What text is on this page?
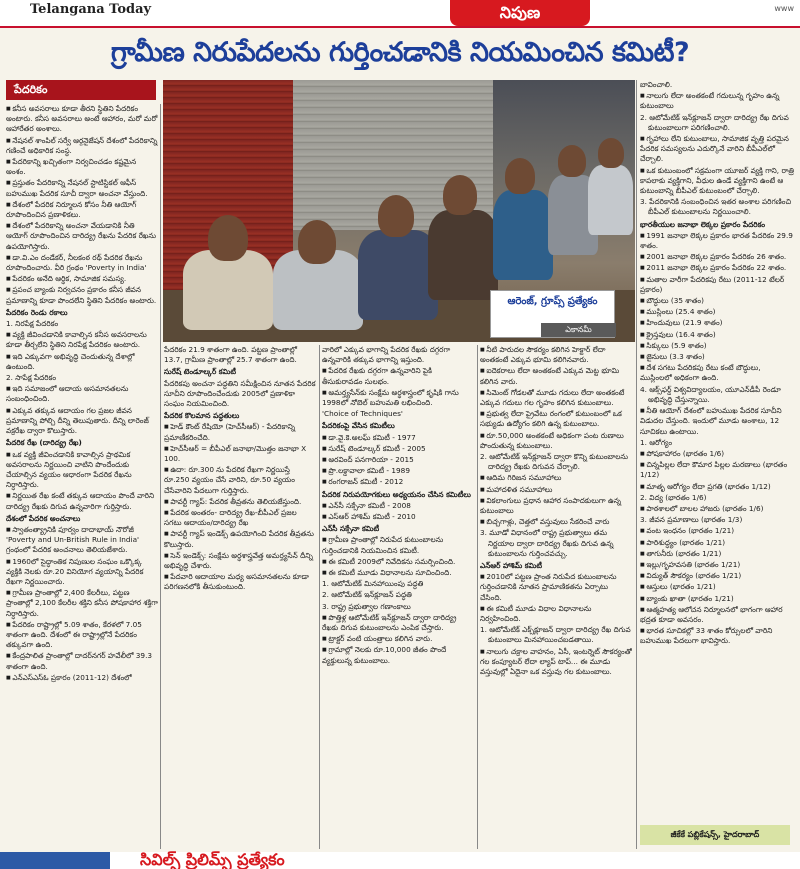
Telangana Today	నిపుణ	www
గ్రామీణ నిరుపేదలను గుర్తించడానికి నియమించిన కమిటీ?
పేదరికం
ఆరెంజ్, గ్రూప్స్ ప్రత్యేకం
ఎకానమీ

■ కనీస అవసరాలు కూడా తీరని స్థితిని పేదరికం అంటారు. కనీస అవసరాలు అంటే ఆహారం, మరో మరో ఆహారేతర అంశాలు.

■ నేషనల్ శాంపిల్ సర్వే ఆర్గనైజేషన్ దేశంలో పేదరికాన్ని గణించే అధికారిక సంస్థ.

■ పేదరికాన్ని ఖచ్చితంగా నిర్వచించడం కష్టమైన అంశం.

■ ప్రస్తుతం పేదరికాన్ని నేషనల్ స్టాటిస్టికల్ ఆఫీస్ బహుముఖ పేదరిక సూచీ ద్వారా అంచనా వేస్తుంది.

■ దేశంలో పేదరిక నిర్మూలన కోసం నీతి ఆయోగ్ రూపొందించిన ప్రణాళికలు.

■ దేశంలో పేదరికాన్ని అంచనా వేయడానికి నీతి ఆయోగ్ రూపొందించిన దారిద్య్ర రేఖను పేదరిక రేఖను ఉపయోగిస్తారు.

■ డా.వి.ఎం దండేకర్, నీలకంఠ రథ్ పేదరిక రేఖను రూపొందించారు. వీరి గ్రంథం 'Poverty in India'

■ పేదరికం అనేది ఆర్థిక, సామాజిక సమస్య.

■ ప్రపంచ బ్యాంకు నిర్వచనం ప్రకారం కనీస జీవన ప్రమాణాన్ని కూడా పొందలేని స్థితిని పేదరికం అంటారు.

పేదరికం రెండు రకాలు

1. నిరపేక్ష పేదరికం

■ వ్యక్తి జీవించడానికి కావాల్సిన కనీస అవసరాలను కూడా తీర్చలేని స్థితిని నిరపేక్ష పేదరికం అంటారు.

■ ఇది ఎక్కువగా అభివృద్ధి చెందుతున్న దేశాల్లో ఉంటుంది.

2. సాపేక్ష పేదరికం

■ ఇది సమాజంలో ఆదాయ అసమానతలను సంబంధించింది.

■ ఎక్కువ తక్కువ ఆదాయం గల ప్రజల జీవన ప్రమాణాన్ని పోల్చి దీన్ని తెలుపుతారు. దీన్ని లారెంజ్ వక్రరేఖ ద్వారా కొలుస్తారు.

పేదరిక రేఖ (దారిద్య్ర రేఖ)

■ ఒక వ్యక్తి జీవించడానికి కావాల్సిన ప్రాథమిక అవసరాలను నిర్ణయించి వాటిని పొందేందుకు చేయాల్సిన వ్యయం ఆధారంగా పేదరిక రేఖను నిర్ధారిస్తారు.

■ నిర్ణయిత రేఖ కంటే తక్కువ ఆదాయం పొందే వారిని దారిద్య్ర రేఖకు దిగువ ఉన్నవారిగా గుర్తిస్తారు.

దేశంలో పేదరిక అంచనాలు

■ స్వాతంత్య్రానికి పూర్వం దాదాభాయ్ నౌరోజీ 'Poverty and Un-British Rule in India' గ్రంథంలో పేదరిక అంచనాలు తెలియజేశారు.

■ 1960లో సైద్ధాంతిక నిపుణుల సంఘం ఒక్కొక్క వ్యక్తికి నెలకు రూ.20 వినియోగ వ్యయాన్ని పేదరిక రేఖగా నిర్ణయించారు.

■ గ్రామీణ ప్రాంతాల్లో 2,400 కేలరీలు, పట్టణ ప్రాంతాల్లో 2,100 కేలరీల శక్తిని కనీస పోషకాహార శక్తిగా నిర్ధారిస్తారు.

■ పేదరికం రాష్ట్రాల్లో 5.09 శాతం, కేరళలో 7.05 శాతంగా ఉంది. దేశంలో ఈ రాష్ట్రాల్లోనే పేదరికం తక్కువగా ఉంది.

■ కేంద్రపాలిత ప్రాంతాల్లో దాదర్‌నగర్ హవేలీలో 39.3 శాతంగా ఉంది.

■ ఎన్‌ఎస్‌ఎస్‌ఓ ప్రకారం (2011-12) దేశంలో

పేదరికం 21.9 శాతంగా ఉంది. పట్టణ ప్రాంతాల్లో 13.7, గ్రామీణ ప్రాంతాల్లో 25.7 శాతంగా ఉంది.

సురేష్ టెండూల్కర్ కమిటీ

పేదరికపు అంచనా పద్ధతిని సమీక్షించిన నూతన పేదరిక సూచీని రూపొందించేందుకు 2005లో ప్రణాళికా సంఘం నియమించింది.

పేదరిక కొలమాన పద్ధతులు

■ హెడ్ కౌంట్ రేషియో (హెచ్‌సీఆర్) - పేదరికాన్ని ప్రమాణీకరించేది.

■ హెచ్‌సీఆర్ = బీపీఎల్ జనాభా/మొత్తం జనాభా X 100.

■ ఉదా: రూ.300 ను పేదరిక రేఖగా నిర్ణయిస్తే రూ.250 వ్యయం చేసే వారిని, రూ.50 వ్యయం చేసేవారిని పేదలుగా గుర్తిస్తారు.

■ పావర్టీ గ్యాప్: పేదరిక తీవ్రతను తెలియజేస్తుంది.

■ పేదరిక అంతరం- దారిద్య్ర రేఖ-బీపీఎల్ ప్రజల సగటు ఆదాయం/దారిద్య్ర రేఖ

■ పావర్టీ గ్యాప్ ఇండెక్స్ ఉపయోగించి పేదరిక తీవ్రతను కొలుస్తారు.

■ సెన్ ఇండెక్స్: సంక్షేమ అర్థశాస్త్రవేత్త అమర్త్యసేన్ దీన్ని అభివృద్ధి చేశారు.

■ పేదవారి ఆదాయాల మధ్య అసమానతలను కూడా పరిగణనలోకి తీసుకుంటుంది.

వారిలో ఎక్కువ భాగాన్ని పేదరిక రేఖకు దగ్గరగా ఉన్నవారికి తక్కువ భాగాన్ని ఇస్తుంది.

■ పేదరిక రేఖకు దగ్గరగా ఉన్నవారిని పైకి తీసుకురావడం సులభం.

■ అమర్త్యసేన్‌కు సంక్షేమ అర్థశాస్త్రంలో కృషికి గాను 1998లో నోబెల్ బహుమతి లభించింది.

'Choice of Techniques'

పేదరికంపై వేసిన కమిటీలు

■ డా.వై.కె.అలఘ్ కమిటీ - 1977

■ సురేష్ టెండూల్కర్ కమిటీ - 2005

■ అరవింద్ పనగారియా - 2015

■ ప్రొ.లక్డావాలా కమిటీ - 1989

■ రంగరాజన్ కమిటీ - 2012

పేదరిక నిరుపయోగకులు అధ్యయనం చేసిన కమిటీలు

■ ఎన్‌సీ సక్సేనా కమిటీ - 2008

■ ఎస్‌ఆర్ హాశిమ్ కమిటీ - 2010

ఎన్‌సీ సక్సేనా కమిటీ

■ గ్రామీణ ప్రాంతాల్లో నిరుపేద కుటుంబాలను గుర్తించడానికి నియమించిన కమిటీ.

■ ఈ కమిటీ 2009లో నివేదికను సమర్పించింది.

■ ఈ కమిటీ మూడు విధానాలను సూచించింది.

1. ఆటోమేటిక్ మినహాయింపు పద్ధతి

2. ఆటోమేటిక్ ఇన్‌క్లూజన్ పద్ధతి

3. రాష్ట్ర ప్రభుత్వాల గణాంకాలు

■ పొత్తిళ్ల ఆటోమేటిక్ ఇన్‌క్లూజన్ ద్వారా దారిద్య్ర రేఖకు దిగువ కుటుంబాలను ఎంపిక చేస్తారు.

■ ట్రాక్టర్ వంటి యంత్రాలు కలిగిన వారు.

■ గ్రామాల్లో నెలకు రూ.10,000 జీతం పొందే వ్యక్తులున్న కుటుంబాలు.

■ నీటి పారుదల సౌకర్యం కలిగిన హెక్టార్ లేదా అంతకంటే ఎక్కువ భూమి కలిగినవారు.

■ ఐదెకరాలు లేదా అంతకంటే ఎక్కువ మెట్ట భూమి కలిగిన వారు.

■ సిమెంట్ గోడలతో మూడు గదులు లేదా అంతకంటే ఎక్కువ గదులు గల గృహం కలిగిన కుటుంబాలు.

■ ప్రభుత్వ లేదా ప్రైవేటు రంగంలో కుటుంబంలో ఒక సభ్యుడు ఉద్యోగం కలిగి ఉన్న కుటుంబాలు.

■ రూ.50,000 అంతకంటే అధికంగా పంట రుణాలు పొందుతున్న కుటుంబాలు.

2. ఆటోమేటిక్ ఇన్‌క్లూజన్ ద్వారా కొన్ని కుటుంబాలను దారిద్య్ర రేఖకు దిగువన చేర్చాలి.

■ ఆదిమ గిరిజన సమూహాలు

■ మహాదళిత సమూహాలు

■ వికలాంగులు ప్రధాన ఆహార సంపాదకులుగా ఉన్న కుటుంబాలు

■ బిచ్చగాళ్లు, చెత్తలో వస్తువులు సేకరించే వారు

3. మూడో విధానంలో రాష్ట్ర ప్రభుత్వాలు తమ నిర్ణయాల ద్వారా దారిద్య్ర రేఖకు దిగువ ఉన్న కుటుంబాలను గుర్తించవచ్చు.

ఎన్‌ఆర్ హాశిమ్ కమిటీ

■ 2010లో పట్టణ ప్రాంత నిరుపేద కుటుంబాలను గుర్తించడానికి నూతన ప్రామాణికతను ఏర్పాటు చేసింది.

■ ఈ కమిటీ మూడు విధాల విధానాలను నిర్వహించింది.

1. ఆటోమేటిక్ ఎక్స్‌క్లూజన్ ద్వారా దారిద్య్ర రేఖ దిగువ కుటుంబాలు మినహాయించబడతాయి.

■ నాలుగు చక్రాల వాహనం, ఏసీ, ఇంటర్నెట్ సౌకర్యంతో గల కంప్యూటర్ లేదా ల్యాప్ టాప్... ఈ మూడు వస్తువుల్లో ఏదైనా ఒక వస్తువు గల కుటుంబాలు.

బావించాలి.

■ నాలుగు లేదా అంతకంటే గదులున్న గృహం ఉన్న కుటుంబాలు

2. ఆటోమేటిక్ ఇన్‌క్లూజన్ ద్వారా దారిద్య్ర రేఖ దిగువ కుటుంబాలుగా పరిగణించాలి.

■ గృహాలు లేని కుటుంబాలు, సామాజిక వృత్తి పరమైన పేదరిక సమస్యలను ఎదుర్కొనే వారిని బీపీఎల్‌లో చేర్చాలి.

■ ఒక కుటుంబంలో సక్రమంగా యూజర్ వ్యక్తి గాని, రాత్రి కాపలాకు వ్యక్తిగాని, వీధుల ఉండే వ్యక్తిగాని ఉంటే ఆ కుటుంబాన్ని బీపీఎల్ కుటుంబంలో చేర్చాలి.

3. పేదరికానికి సంబంధించిన ఇతర అంశాల పరిగణించి బీపీఎల్ కుటుంబాలను నిర్ణయించాలి.

భారతీయుల జనాభా లెక్కల ప్రకారం పేదరికం

■ 1991 జనాభా లెక్కల ప్రకారం భారత పేదరికం 29.9 శాతం.

■ 2001 జనాభా లెక్కల ప్రకారం పేదరికం 26 శాతం.

■ 2011 జనాభా లెక్కల ప్రకారం పేదరికం 22 శాతం.

■ మతాల వారీగా పేదరికపు రేటు (2011-12 టేలర్ ప్రకారం)

■ బౌద్ధులు (35 శాతం)

■ ముస్లింలు (25.4 శాతం)

■ హిందువులు (21.9 శాతం)

■ క్రైస్తవులు (16.4 శాతం)

■ సిక్కులు (5.9 శాతం)

■ జైనులు (3.3 శాతం)

■ దేశ సగటు పేదరికపు రేటు కంటే బౌద్ధులు, ముస్లింలలో అధికంగా ఉంది.

4. ఆక్స్‌ఫర్డ్ విశ్వవిద్యాలయం, యూఎన్‌డీపీ రెండూ అభివృద్ధి చేస్తున్నాయి.

■ నీతి ఆయోగ్ దేశంలో బహుముఖ పేదరిక సూచీని విడుదల చేస్తుంది. ఇందులో మూడు అంశాలు, 12 సూచికలు ఉంటాయి.

1. ఆరోగ్యం

■ పోషకాహారం (భారతం 1/6)

■ చిన్నపిల్లల లేదా కౌమార పిల్లల మరణాలు (భారతం 1/12)

■ మాతృ ఆరోగ్యం లేదా ప్రగతి (భారతం 1/12)

2. విద్య (భారతం 1/6)

■ పాఠశాలలో బాలల హాజరు (భారతం 1/6)

3. జీవన ప్రమాణాలు (భారతం 1/3)

■ వంట ఇంధనం (భారతం 1/21)

■ పారిశుద్ధ్యం (భారతం 1/21)

■ తాగునీరు (భారతం 1/21)

■ ఇల్లు/గృహవసతి (భారతం 1/21)

■ విద్యుత్ సౌకర్యం (భారతం 1/21)

■ ఆస్తులు (భారతం 1/21)

■ బ్యాంకు ఖాతా (భారతం 1/21)

■ ఆత్మహత్య ఆలోచన నిర్మూలనలో భాగంగా ఆహార భద్రత కూడా అవసరం.

■ భారత సూచికల్లో 33 శాతం కోర్సులలో వారిని బహుముఖ పేదలుగా భావిస్తారు.

జీకేకే పబ్లికేషన్స్, హైదరాబాద్
సివిల్స్ ప్రిలిమ్స్ ప్రత్యేకం
